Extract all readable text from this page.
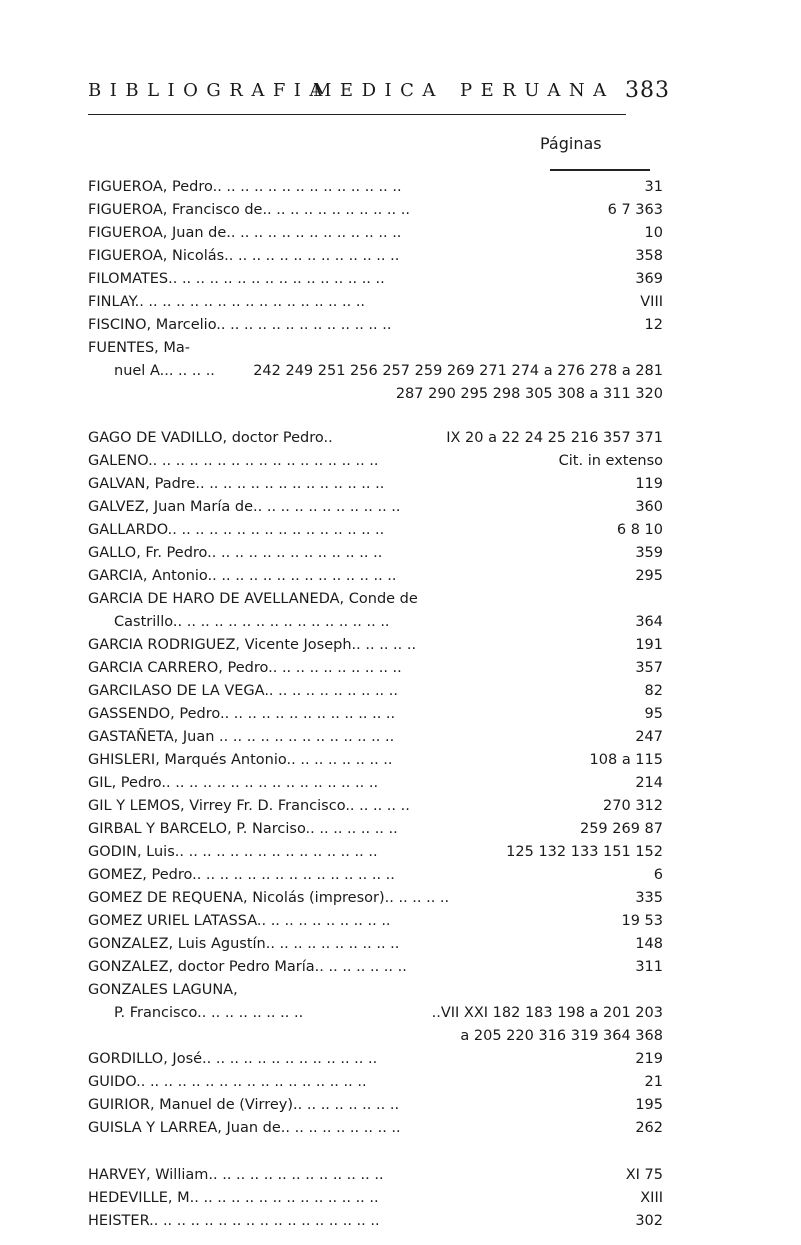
BIBLIOGRAFIA
MEDICA PERUANA 383
Páginas
FIGUEROA, Pedro.. .. .. .. .. .. .. .. .. .. .. .. .. ..	31
FIGUEROA, Francisco de.. .. .. .. .. .. .. .. .. .. ..	6 7 363
FIGUEROA, Juan de.. .. .. .. .. .. .. .. .. .. .. .. ..	10
FIGUEROA, Nicolás.. .. .. .. .. .. .. .. .. .. .. .. ..	358
FILOMATES.. .. .. .. .. .. .. .. .. .. .. .. .. .. .. ..	369
FINLAY.. .. .. .. .. .. .. .. .. .. .. .. .. .. .. .. ..	VIII
FISCINO, Marcelio.. .. .. .. .. .. .. .. .. .. .. .. ..	12
FUENTES, Ma-
nuel A... .. .. ..	242 249 251 256 257 259 269 271 274 a 276 278 a 281
287 290 295 298 305 308 a 311 320
GAGO DE VADILLO, doctor Pedro..	IX 20 a 22 24 25 216 357 371
GALENO.. .. .. .. .. .. .. .. .. .. .. .. .. .. .. .. ..	Cit. in extenso
GALVAN, Padre.. .. .. .. .. .. .. .. .. .. .. .. .. ..	119
GALVEZ, Juan María de.. .. .. .. .. .. .. .. .. .. ..	360
GALLARDO.. .. .. .. .. .. .. .. .. .. .. .. .. .. .. ..	6 8 10
GALLO, Fr. Pedro.. .. .. .. .. .. .. .. .. .. .. .. ..	359
GARCIA, Antonio.. .. .. .. .. .. .. .. .. .. .. .. .. ..	295
GARCIA DE HARO DE AVELLANEDA, Conde de
Castrillo.. .. .. .. .. .. .. .. .. .. .. .. .. .. .. ..	364
GARCIA RODRIGUEZ, Vicente Joseph.. .. .. .. ..	191
GARCIA CARRERO, Pedro.. .. .. .. .. .. .. .. .. ..	357
GARCILASO DE LA VEGA.. .. .. .. .. .. .. .. .. ..	82
GASSENDO, Pedro.. .. .. .. .. .. .. .. .. .. .. .. ..	95
GASTAÑETA, Juan .. .. .. .. .. .. .. .. .. .. .. .. ..	247
GHISLERI, Marqués Antonio.. .. .. .. .. .. .. ..	108 a 115
GIL, Pedro.. .. .. .. .. .. .. .. .. .. .. .. .. .. .. ..	214
GIL Y LEMOS, Virrey Fr. D. Francisco.. .. .. .. ..	270 312
GIRBAL Y BARCELO, P. Narciso.. .. .. .. .. .. ..	259 269 87
GODIN, Luis.. .. .. .. .. .. .. .. .. .. .. .. .. .. ..	125 132 133 151 152
GOMEZ, Pedro.. .. .. .. .. .. .. .. .. .. .. .. .. .. ..	6
GOMEZ DE REQUENA, Nicolás (impresor).. .. .. .. ..	335
GOMEZ URIEL LATASSA.. .. .. .. .. .. .. .. .. ..	19 53
GONZALEZ, Luis Agustín.. .. .. .. .. .. .. .. .. ..	148
GONZALEZ, doctor Pedro María.. .. .. .. .. .. ..	311
GONZALES LAGUNA,
P. Francisco.. .. .. .. .. .. .. ..	..VII XXI 182 183 198 a 201 203
a 205 220 316 319 364 368
GORDILLO, José.. .. .. .. .. .. .. .. .. .. .. .. ..	219
GUIDO.. .. .. .. .. .. .. .. .. .. .. .. .. .. .. .. ..	21
GUIRIOR, Manuel de (Virrey).. .. .. .. .. .. .. ..	195
GUISLA Y LARREA, Juan de.. .. .. .. .. .. .. .. ..	262
HARVEY, William.. .. .. .. .. .. .. .. .. .. .. .. ..	XI 75
HEDEVILLE, M.. .. .. .. .. .. .. .. .. .. .. .. .. ..	XIII
HEISTER.. .. .. .. .. .. .. .. .. .. .. .. .. .. .. .. ..	302
